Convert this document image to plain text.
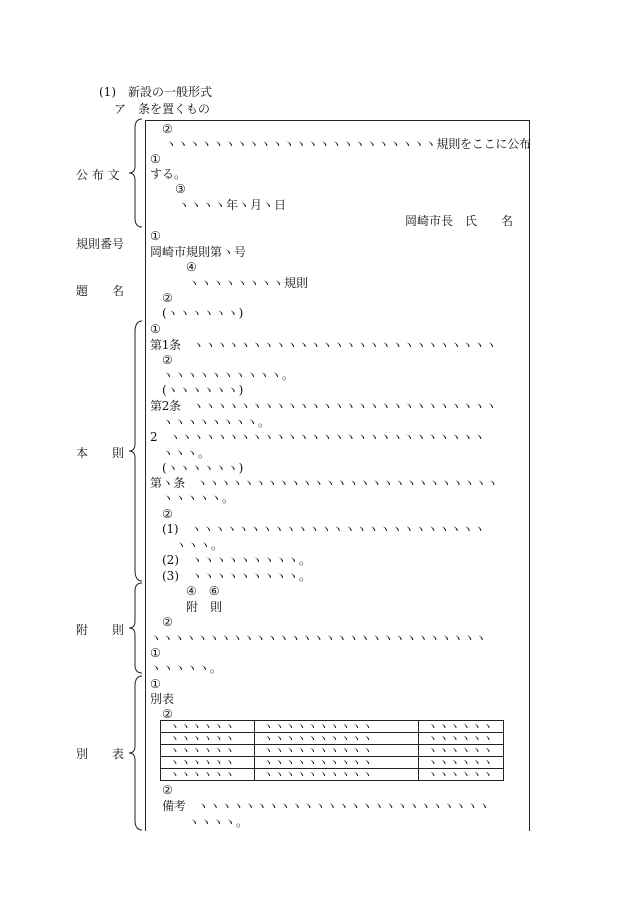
(1)　新設の一般形式
ア　条を置くもの
公 布 文
規則番号
題　　名
本　　則
附　　則
別　　表
②
ヽヽヽヽヽヽヽヽヽヽヽヽヽヽヽヽヽヽヽヽヽヽヽ規則をここに公布
①
する。
③
ヽヽヽヽ年ヽ月ヽ日
岡崎市長　氏　　名
①
岡崎市規則第ヽ号
④
ヽヽヽヽヽヽヽヽ規則
②
(ヽヽヽヽヽヽ)
①
第1条　ヽヽヽヽヽヽヽヽヽヽヽヽヽヽヽヽヽヽヽヽヽヽヽヽヽヽ
②
ヽヽヽヽヽヽヽヽヽヽ。
(ヽヽヽヽヽヽ)
第2条　ヽヽヽヽヽヽヽヽヽヽヽヽヽヽヽヽヽヽヽヽヽヽヽヽヽヽ
ヽヽヽヽヽヽヽヽ。
2　ヽヽヽヽヽヽヽヽヽヽヽヽヽヽヽヽヽヽヽヽヽヽヽヽヽヽヽ
ヽヽヽ。
(ヽヽヽヽヽヽ)
第ヽ条　ヽヽヽヽヽヽヽヽヽヽヽヽヽヽヽヽヽヽヽヽヽヽヽヽヽヽ
ヽヽヽヽヽ。
②
(1)　ヽヽヽヽヽヽヽヽヽヽヽヽヽヽヽヽヽヽヽヽヽヽヽヽヽ
ヽヽヽ。
(2)　ヽヽヽヽヽヽヽヽヽ。
(3)　ヽヽヽヽヽヽヽヽヽ。
④　⑥
附　則
②
ヽヽヽヽヽヽヽヽヽヽヽヽヽヽヽヽヽヽヽヽヽヽヽヽヽヽヽヽヽ
①
ヽヽヽヽヽ。
①
別表
②
ヽヽヽヽヽヽ	ヽヽヽヽヽヽヽヽヽヽ	ヽヽヽヽヽヽ
ヽヽヽヽヽヽ	ヽヽヽヽヽヽヽヽヽヽ	ヽヽヽヽヽヽ
ヽヽヽヽヽヽ	ヽヽヽヽヽヽヽヽヽヽ	ヽヽヽヽヽヽ
ヽヽヽヽヽヽ	ヽヽヽヽヽヽヽヽヽヽ	ヽヽヽヽヽヽ
ヽヽヽヽヽヽ	ヽヽヽヽヽヽヽヽヽヽ	ヽヽヽヽヽヽ
②
備考　ヽヽヽヽヽヽヽヽヽヽヽヽヽヽヽヽヽヽヽヽヽヽヽヽヽ
ヽヽヽヽ。
